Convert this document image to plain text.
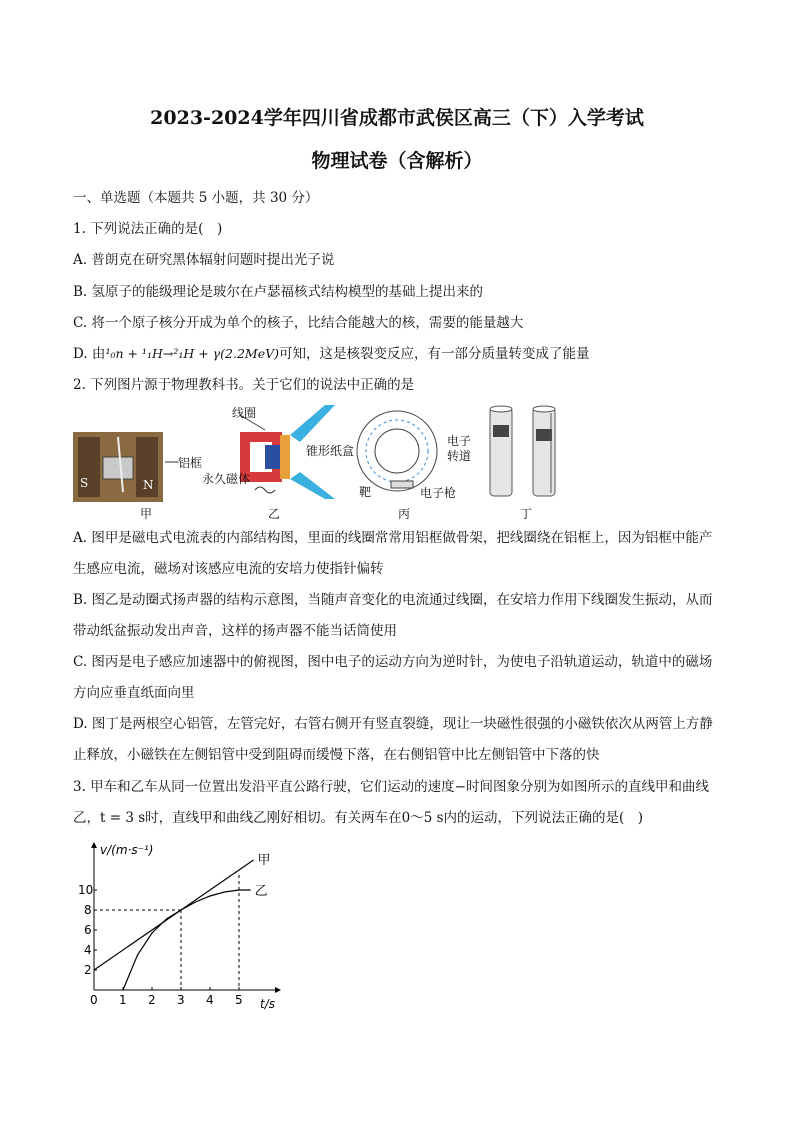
2023-2024学年四川省成都市武侯区高三（下）入学考试
物理试卷（含解析）
一、单选题（本题共 5 小题，共 30 分）
1. 下列说法正确的是(　)
A. 普朗克在研究黑体辐射问题时提出光子说
B. 氢原子的能级理论是玻尔在卢瑟福核式结构模型的基础上提出来的
C. 将一个原子核分开成为单个的核子，比结合能越大的核，需要的能量越大
D. 由¹₀n + ¹₁H→²₁H + γ(2.2MeV)可知，这是核裂变反应，有一部分质量转变成了能量
2. 下列图片源于物理教科书。关于它们的说法中正确的是
S	N
铝框
甲
线圈
锥形纸盒
永久磁体
乙
电子
转道
靶	电子枪
丙	丁
A. 图甲是磁电式电流表的内部结构图，里面的线圈常常用铝框做骨架，把线圈绕在铝框上，因为铝框中能产生感应电流，磁场对该感应电流的安培力使指针偏转
B. 图乙是动圈式扬声器的结构示意图，当随声音变化的电流通过线圈，在安培力作用下线圈发生振动，从而带动纸盆振动发出声音，这样的扬声器不能当话筒使用
C. 图丙是电子感应加速器中的俯视图，图中电子的运动方向为逆时针，为使电子沿轨道运动，轨道中的磁场方向应垂直纸面向里
D. 图丁是两根空心铝管，左管完好，右管右侧开有竖直裂缝，现让一块磁性很强的小磁铁依次从两管上方静止释放，小磁铁在左侧铝管中受到阻碍而缓慢下落，在右侧铝管中比左侧铝管中下落的快
3. 甲车和乙车从同一位置出发沿平直公路行驶，它们运动的速度−时间图象分别为如图所示的直线甲和曲线乙，t = 3 s时，直线甲和曲线乙刚好相切。有关两车在0～5 s内的运动，下列说法正确的是(　)
甲
乙
0 1 2 3 4 5
2
4
6
8
10
v/(m·s⁻¹)
t/s
